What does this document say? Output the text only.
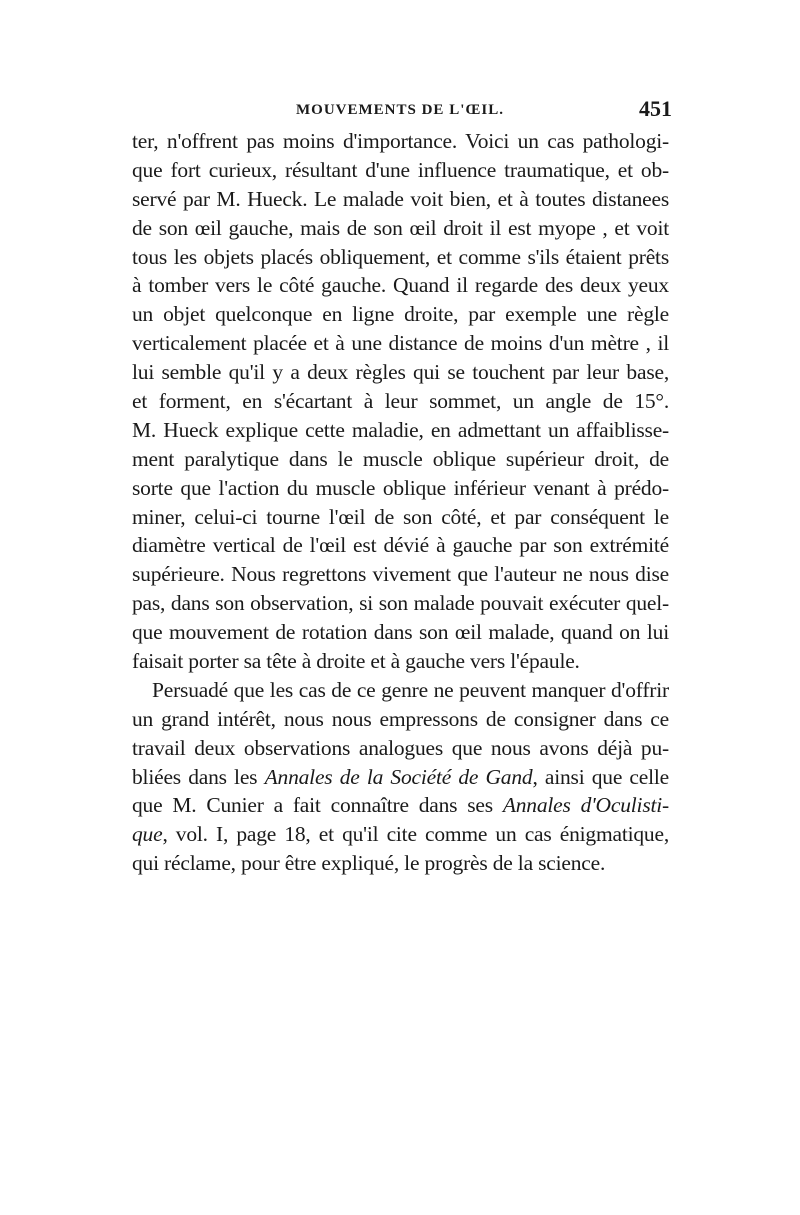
MOUVEMENTS DE L'ŒIL.	451
ter, n'offrent pas moins d'importance. Voici un cas pathologi-
que fort curieux, résultant d'une influence traumatique, et ob-
servé par M. Hueck. Le malade voit bien, et à toutes distanees
de son œil gauche, mais de son œil droit il est myope , et voit
tous les objets placés obliquement, et comme s'ils étaient prêts
à tomber vers le côté gauche. Quand il regarde des deux yeux
un objet quelconque en ligne droite, par exemple une règle
verticalement placée et à une distance de moins d'un mètre , il
lui semble qu'il y a deux règles qui se touchent par leur base,
et forment, en s'écartant à leur sommet, un angle de 15°.
M. Hueck explique cette maladie, en admettant un affaiblisse-
ment paralytique dans le muscle oblique supérieur droit, de
sorte que l'action du muscle oblique inférieur venant à prédo-
miner, celui-ci tourne l'œil de son côté, et par conséquent le
diamètre vertical de l'œil est dévié à gauche par son extrémité
supérieure. Nous regrettons vivement que l'auteur ne nous dise
pas, dans son observation, si son malade pouvait exécuter quel-
que mouvement de rotation dans son œil malade, quand on lui
faisait porter sa tête à droite et à gauche vers l'épaule.
Persuadé que les cas de ce genre ne peuvent manquer d'offrir
un grand intérêt, nous nous empressons de consigner dans ce
travail deux observations analogues que nous avons déjà pu-
bliées dans les Annales de la Société de Gand, ainsi que celle
que M. Cunier a fait connaître dans ses Annales d'Oculisti-
que, vol. I, page 18, et qu'il cite comme un cas énigmatique,
qui réclame, pour être expliqué, le progrès de la science.
